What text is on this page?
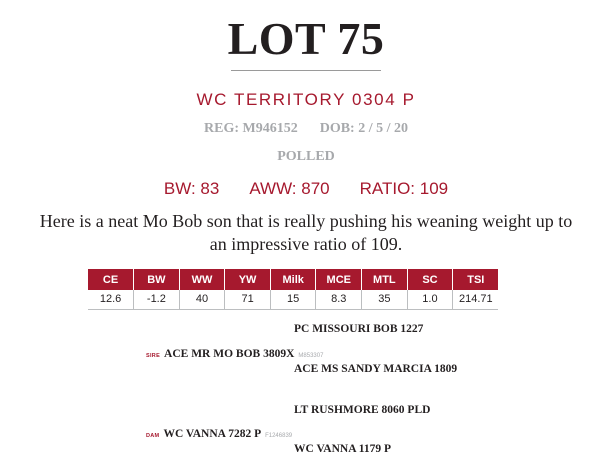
LOT 75
WC TERRITORY 0304 P
REG: M946152 DOB: 2 / 5 / 20
POLLED
BW: 83 AWW: 870 RATIO: 109
Here is a neat Mo Bob son that is really pushing his weaning weight up to an impressive ratio of 109.
CE	BW	WW	YW	Milk	MCE	MTL	SC	TSI
12.6	-1.2	40	71	15	8.3	35	1.0	214.71
PC MISSOURI BOB 1227
SIRE ACE MR MO BOB 3809X M853307
ACE MS SANDY MARCIA 1809
LT RUSHMORE 8060 PLD
DAM WC VANNA 7282 P F1246839
WC VANNA 1179 P
